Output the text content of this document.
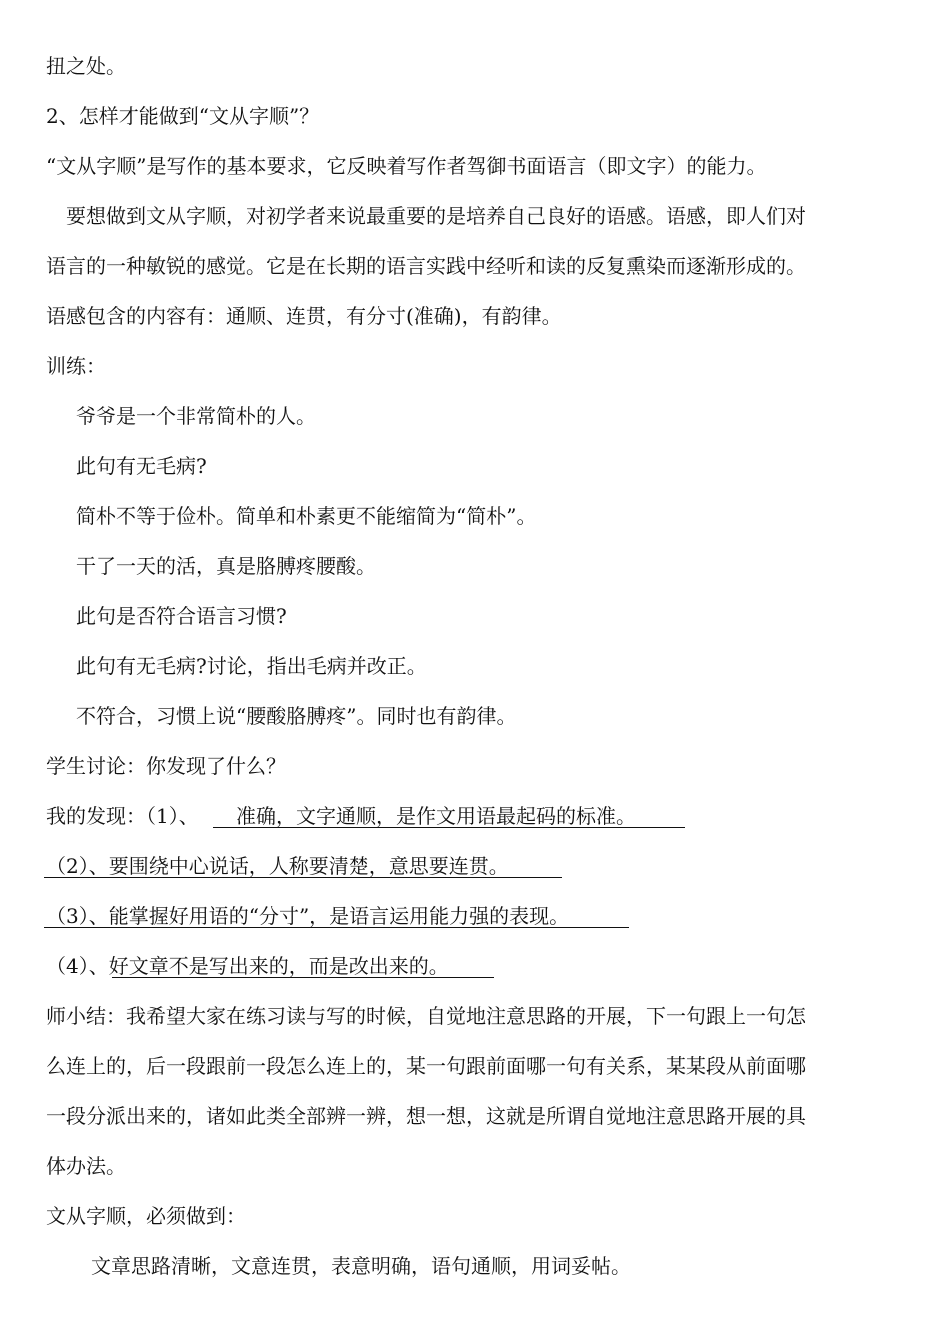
扭之处。
2、怎样才能做到“文从字顺”？
“文从字顺”是写作的基本要求，它反映着写作者驾御书面语言（即文字）的能力。
要想做到文从字顺，对初学者来说最重要的是培养自己良好的语感。语感，即人们对
语言的一种敏锐的感觉。它是在长期的语言实践中经听和读的反复熏染而逐渐形成的。
语感包含的内容有：通顺、连贯，有分寸(准确)，有韵律。
训练：
爷爷是一个非常简朴的人。
此句有无毛病?
简朴不等于俭朴。简单和朴素更不能缩简为“简朴”。
干了一天的活，真是胳膊疼腰酸。
此句是否符合语言习惯?
此句有无毛病?讨论，指出毛病并改正。
不符合，习惯上说“腰酸胳膊疼”。同时也有韵律。
学生讨论：你发现了什么？
我的发现：（1）、 准确，文字通顺，是作文用语最起码的标准。
（2）、要围绕中心说话，人称要清楚，意思要连贯。
（3）、能掌握好用语的“分寸”，是语言运用能力强的表现。
（4）、好文章不是写出来的，而是改出来的。
师小结：我希望大家在练习读与写的时候，自觉地注意思路的开展，下一句跟上一句怎
么连上的，后一段跟前一段怎么连上的，某一句跟前面哪一句有关系，某某段从前面哪
一段分派出来的，诸如此类全部辨一辨，想一想，这就是所谓自觉地注意思路开展的具
体办法。
文从字顺，必须做到：
文章思路清晰，文意连贯，表意明确，语句通顺，用词妥帖。
